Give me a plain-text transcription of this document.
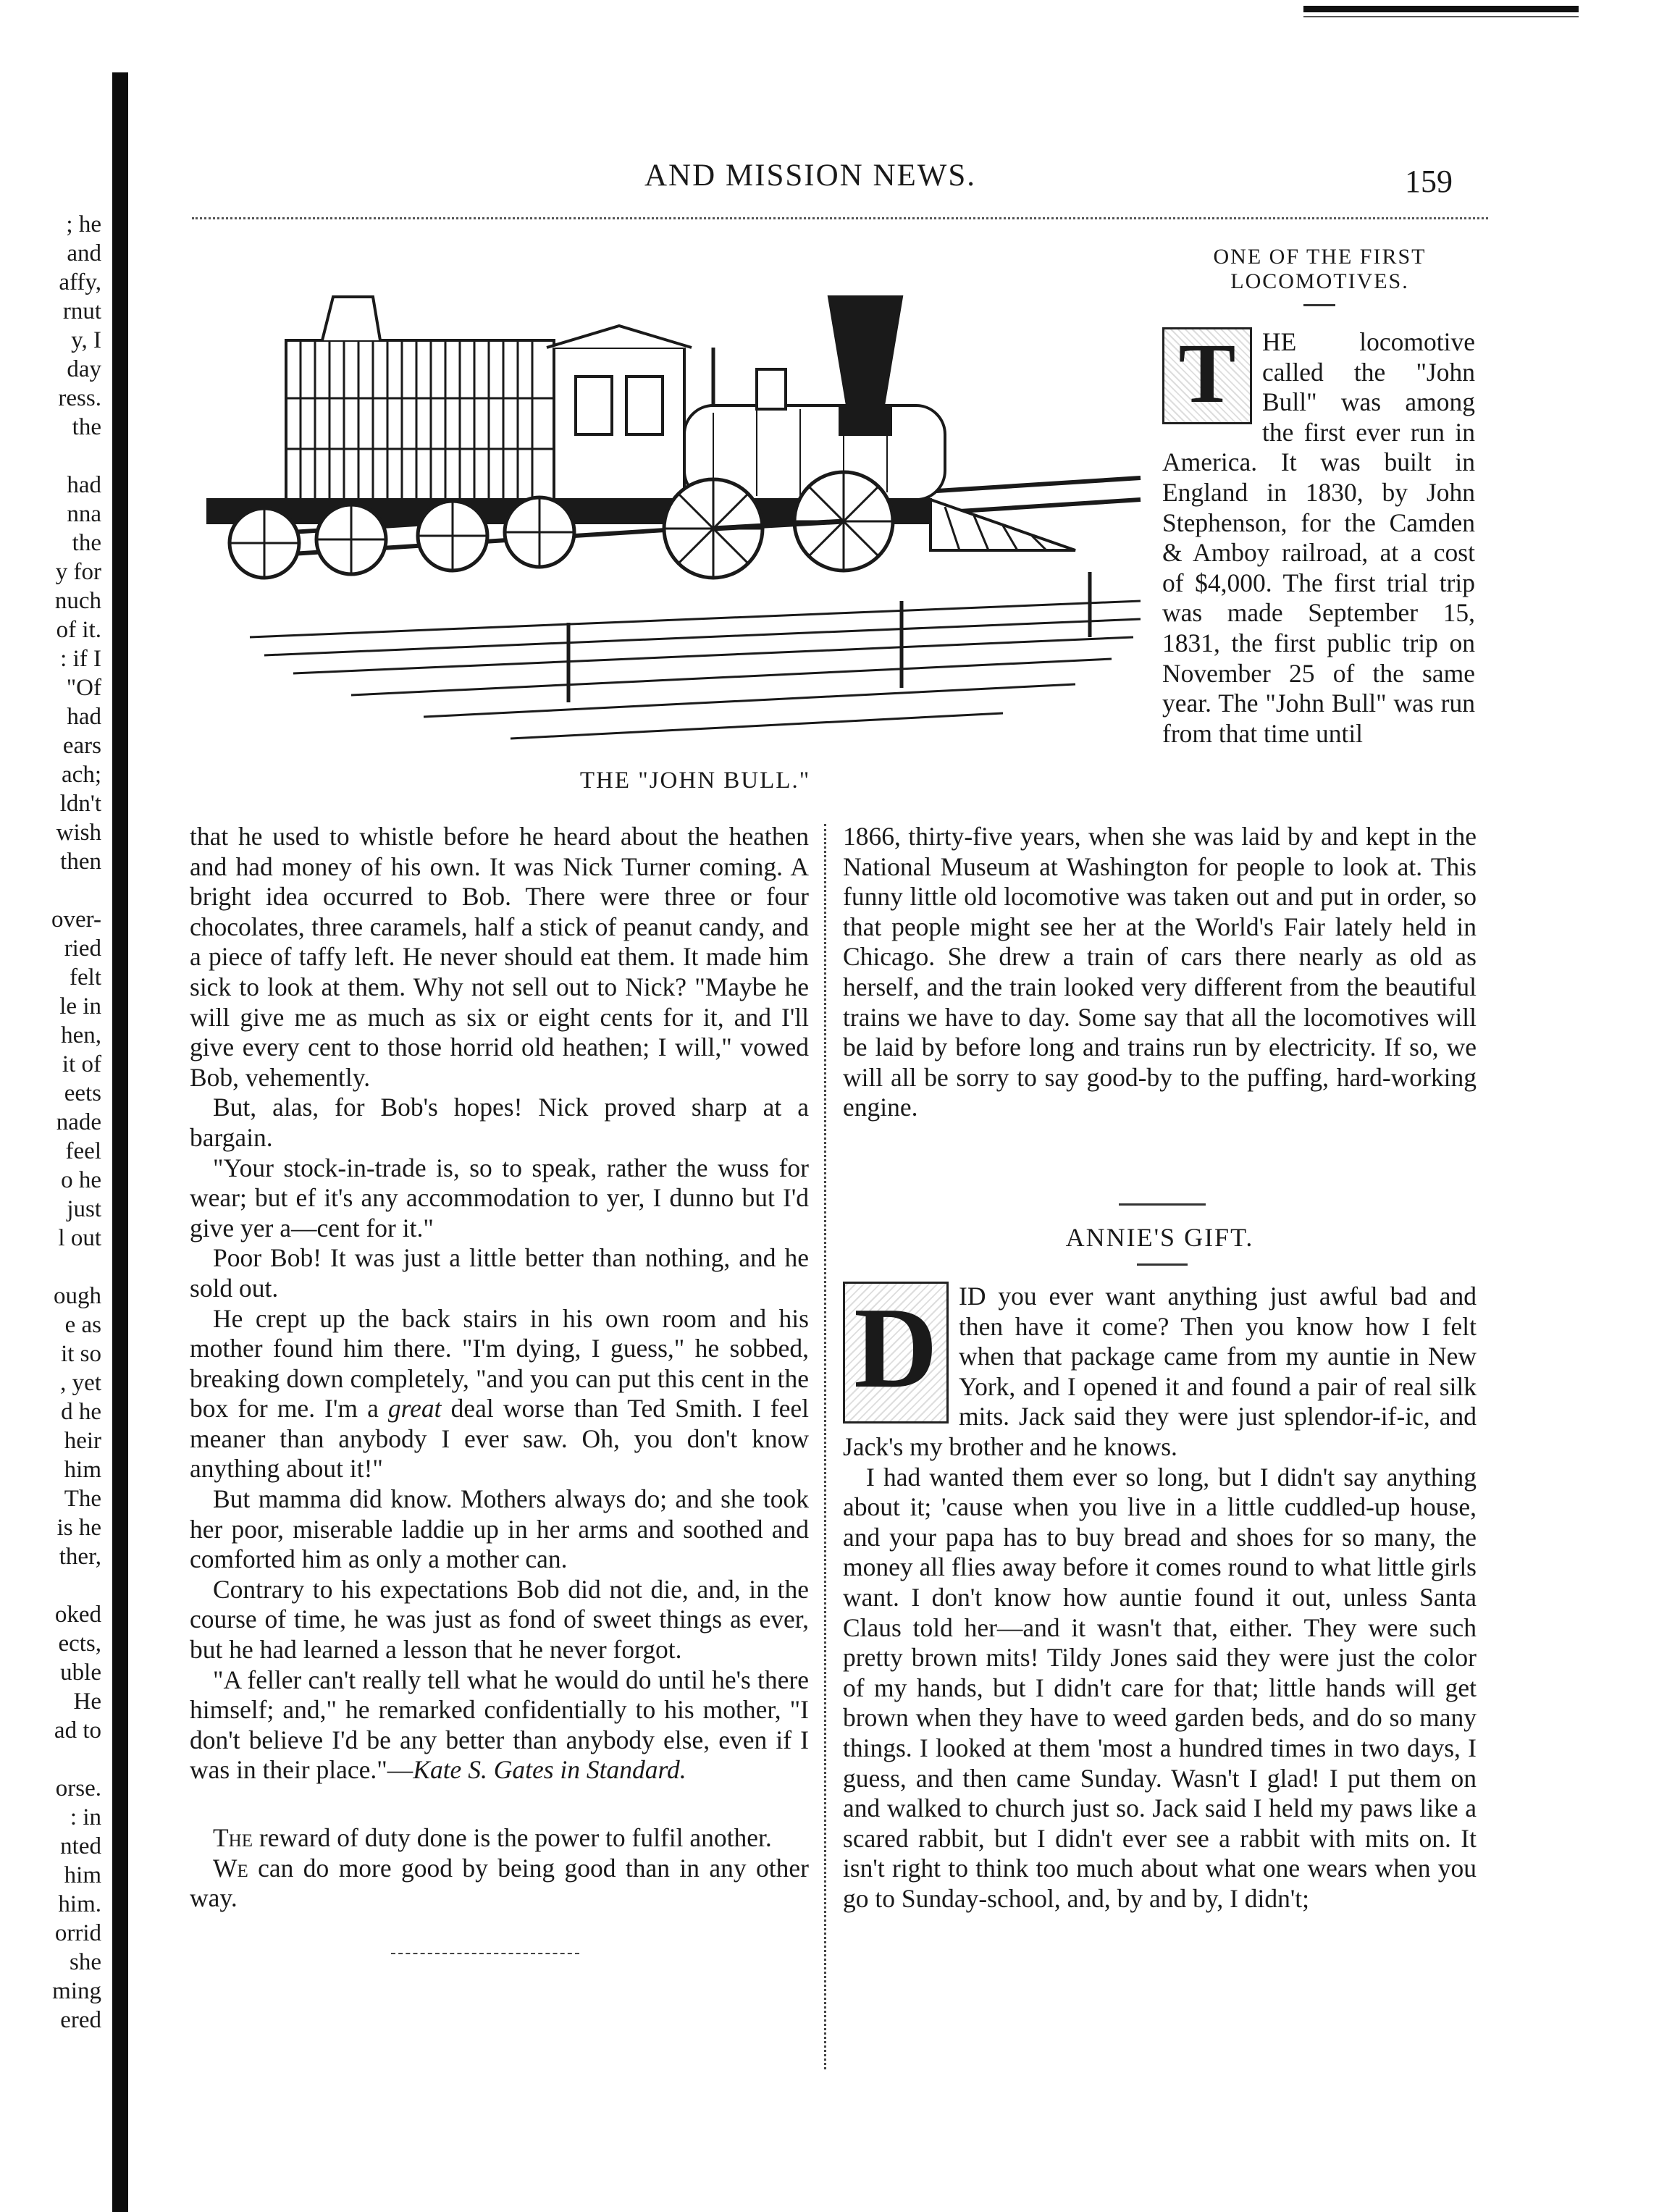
AND MISSION NEWS.	159
; he
and
affy,
rnut
y, I
day
ress.
the

had
nna
the
y for
nuch
of it.
: if I
"Of
had
ears
ach;
ldn't
wish
then

over-
ried
felt
le in
hen,
it of
eets
nade
feel
o he
just
l out

ough
e as
it so
, yet
d he
heir
him
The
is he
ther,

oked
ects,
uble
He
ad to

orse.
: in
nted
him
him.
orrid
she
ming
ered
THE "JOHN BULL."
ONE OF THE FIRST
LOCOMOTIVES.

T	HE locomotive called the "John Bull" was among the first ever run in America. It was built in England in 1830, by John Stephenson, for the Camden & Amboy railroad, at a cost of $4,000. The first trial trip was made September 15, 1831, the first public trip on November 25 of the same year. The "John Bull" was run from that time until

that he used to whistle before he heard about the heathen and had money of his own. It was Nick Turner coming. A bright idea occurred to Bob. There were three or four chocolates, three caramels, half a stick of peanut candy, and a piece of taffy left. He never should eat them. It made him sick to look at them. Why not sell out to Nick? "Maybe he will give me as much as six or eight cents for it, and I'll give every cent to those horrid old heathen; I will," vowed Bob, vehemently.

But, alas, for Bob's hopes! Nick proved sharp at a bargain.

"Your stock-in-trade is, so to speak, rather the wuss for wear; but ef it's any accommodation to yer, I dunno but I'd give yer a—cent for it."

Poor Bob! It was just a little better than nothing, and he sold out.

He crept up the back stairs in his own room and his mother found him there. "I'm dying, I guess," he sobbed, breaking down completely, "and you can put this cent in the box for me. I'm a great deal worse than Ted Smith. I feel meaner than anybody I ever saw. Oh, you don't know anything about it!"

But mamma did know. Mothers always do; and she took her poor, miserable laddie up in her arms and soothed and comforted him as only a mother can.

Contrary to his expectations Bob did not die, and, in the course of time, he was just as fond of sweet things as ever, but he had learned a lesson that he never forgot.

"A feller can't really tell what he would do until he's there himself; and," he remarked confidentially to his mother, "I don't believe I'd be any better than anybody else, even if I was in their place."—Kate S. Gates in Standard.

The reward of duty done is the power to fulfil another.

We can do more good by being good than in any other way.

1866, thirty-five years, when she was laid by and kept in the National Museum at Washington for people to look at. This funny little old locomotive was taken out and put in order, so that people might see her at the World's Fair lately held in Chicago. She drew a train of cars there nearly as old as herself, and the train looked very different from the beautiful trains we have to day. Some say that all the locomotives will be laid by before long and trains run by electricity. If so, we will all be sorry to say good-by to the puffing, hard-working engine.

ANNIE'S GIFT.

D ID you ever want anything just awful bad and then have it come? Then you know how I felt when that package came from my auntie in New York, and I opened it and found a pair of real silk mits. Jack said they were just splendor-if-ic, and Jack's my brother and he knows.

I had wanted them ever so long, but I didn't say anything about it; 'cause when you live in a little cuddled-up house, and your papa has to buy bread and shoes for so many, the money all flies away before it comes round to what little girls want. I don't know how auntie found it out, unless Santa Claus told her—and it wasn't that, either. They were such pretty brown mits! Tildy Jones said they were just the color of my hands, but I didn't care for that; little hands will get brown when they have to weed garden beds, and do so many things. I looked at them 'most a hundred times in two days, I guess, and then came Sunday. Wasn't I glad! I put them on and walked to church just so. Jack said I held my paws like a scared rabbit, but I didn't ever see a rabbit with mits on. It isn't right to think too much about what one wears when you go to Sunday-school, and, by and by, I didn't;
